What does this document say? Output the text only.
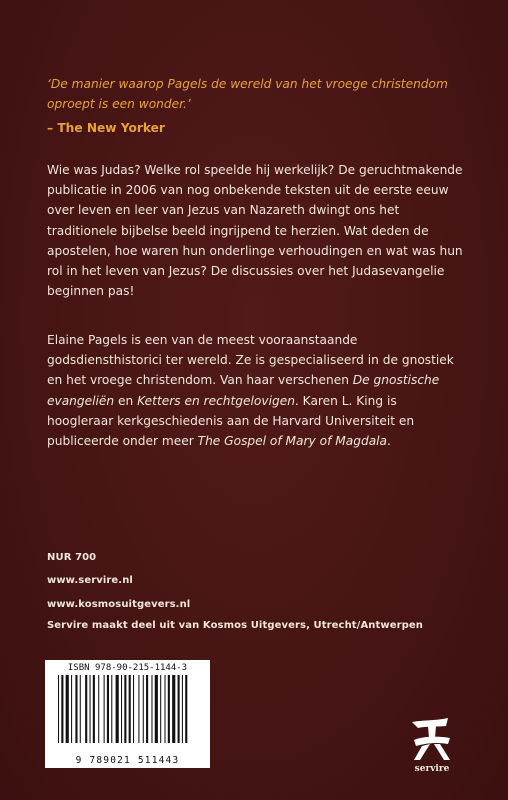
‘De manier waarop Pagels de wereld van het vroege christendom oproept is een wonder.’
– The New Yorker

Wie was Judas? Welke rol speelde hij werkelijk? De geruchtmakende publicatie in 2006 van nog onbekende teksten uit de eerste eeuw over leven en leer van Jezus van Nazareth dwingt ons het traditionele bijbelse beeld ingrijpend te herzien. Wat deden de apostelen, hoe waren hun onderlinge verhoudingen en wat was hun rol in het leven van Jezus? De discussies over het Judasevangelie beginnen pas!

Elaine Pagels is een van de meest vooraanstaande godsdiensthistorici ter wereld. Ze is gespecialiseerd in de gnostiek en het vroege christendom. Van haar verschenen De gnostische evangeliën en Ketters en rechtgelovigen. Karen L. King is hoogleraar kerkgeschiedenis aan de Harvard Universiteit en publiceerde onder meer The Gospel of Mary of Magdala.

NUR 700
www.servire.nl
www.kosmosuitgevers.nl
Servire maakt deel uit van Kosmos Uitgevers, Utrecht/Antwerpen
ISBN 978-90-215-1144-3
9 789021 511443
servire
